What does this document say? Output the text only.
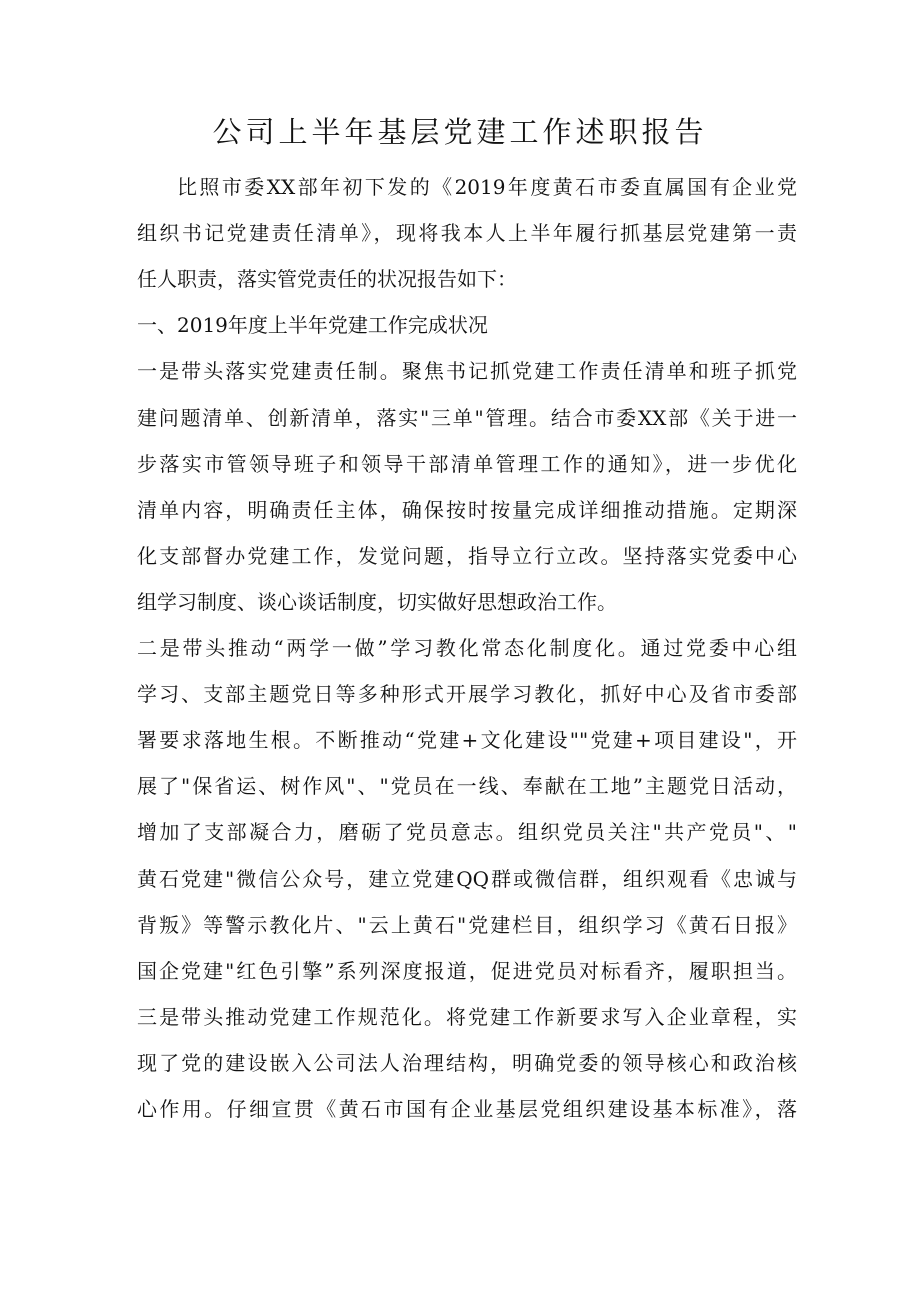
公司上半年基层党建工作述职报告
比照市委XX部年初下发的《2019年度黄石市委直属国有企业党
组织书记党建责任清单》，现将我本人上半年履行抓基层党建第一责
任人职责，落实管党责任的状况报告如下：
一、2019年度上半年党建工作完成状况
一是带头落实党建责任制。聚焦书记抓党建工作责任清单和班子抓党
建问题清单、创新清单，落实"三单"管理。结合市委XX部《关于进一
步落实市管领导班子和领导干部清单管理工作的通知》，进一步优化
清单内容，明确责任主体，确保按时按量完成详细推动措施。定期深
化支部督办党建工作，发觉问题，指导立行立改。坚持落实党委中心
组学习制度、谈心谈话制度，切实做好思想政治工作。
二是带头推动“两学一做”学习教化常态化制度化。通过党委中心组
学习、支部主题党日等多种形式开展学习教化，抓好中心及省市委部
署要求落地生根。不断推动“党建+文化建设""党建+项目建设"，开
展了"保省运、树作风"、"党员在一线、奉献在工地”主题党日活动，
增加了支部凝合力，磨砺了党员意志。组织党员关注"共产党员"、"
黄石党建"微信公众号，建立党建QQ群或微信群，组织观看《忠诚与
背叛》等警示教化片、"云上黄石"党建栏目，组织学习《黄石日报》
国企党建"红色引擎”系列深度报道，促进党员对标看齐，履职担当。
三是带头推动党建工作规范化。将党建工作新要求写入企业章程，实
现了党的建设嵌入公司法人治理结构，明确党委的领导核心和政治核
心作用。仔细宣贯《黄石市国有企业基层党组织建设基本标准》，落
